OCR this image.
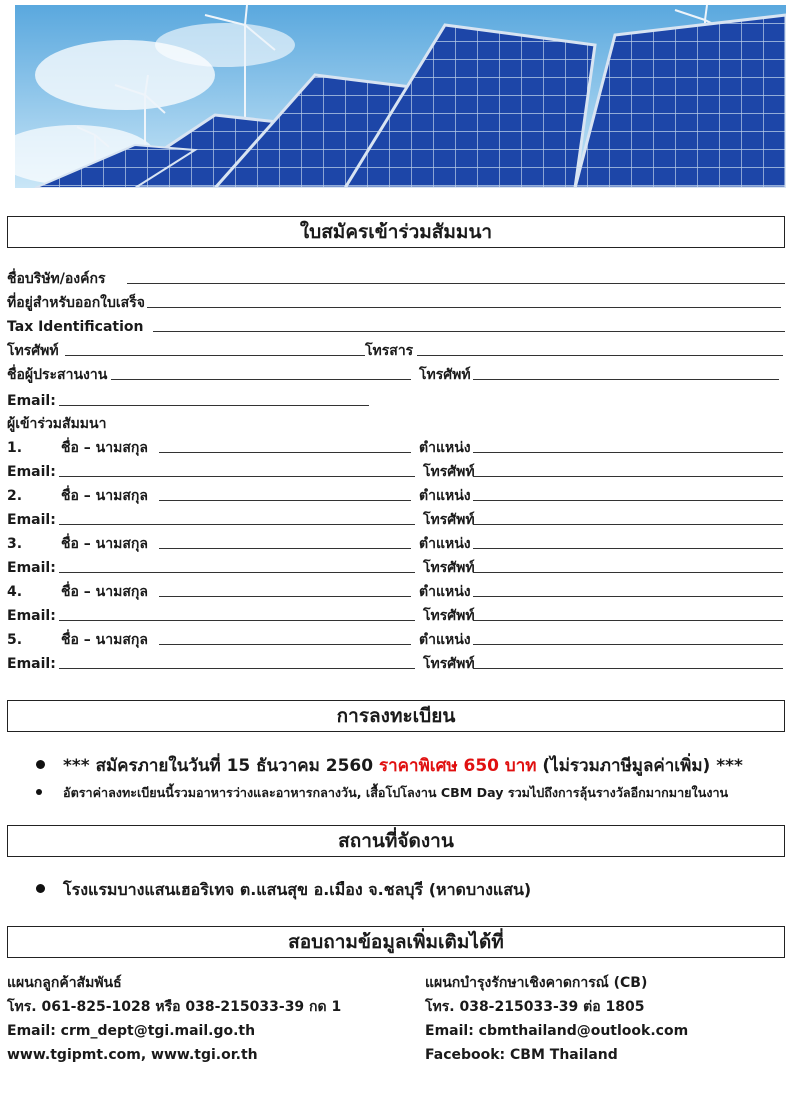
ใบสมัครเข้าร่วมสัมมนา
ชื่อบริษัท/องค์กร
ที่อยู่สำหรับออกใบเสร็จ
Tax Identification
โทรศัพท์	โทรสาร
ชื่อผู้ประสานงาน	โทรศัพท์
Email:
ผู้เข้าร่วมสัมมนา
1.	ชื่อ – นามสกุล	ตำแหน่ง
Email:	โทรศัพท์
2.	ชื่อ – นามสกุล	ตำแหน่ง
Email:	โทรศัพท์
3.	ชื่อ – นามสกุล	ตำแหน่ง
Email:	โทรศัพท์
4.	ชื่อ – นามสกุล	ตำแหน่ง
Email:	โทรศัพท์
5.	ชื่อ – นามสกุล	ตำแหน่ง
Email:	โทรศัพท์
การลงทะเบียน
*** สมัครภายในวันที่ 15 ธันวาคม 2560 ราคาพิเศษ 650 บาท (ไม่รวมภาษีมูลค่าเพิ่ม) ***
อัตราค่าลงทะเบียนนี้รวมอาหารว่างและอาหารกลางวัน, เสื้อโปโลงาน CBM Day รวมไปถึงการลุ้นรางวัลอีกมากมายในงาน
สถานที่จัดงาน
โรงแรมบางแสนเฮอริเทจ ต.แสนสุข อ.เมือง จ.ชลบุรี (หาดบางแสน)
สอบถามข้อมูลเพิ่มเติมได้ที่
แผนกลูกค้าสัมพันธ์
โทร. 061-825-1028 หรือ 038-215033-39 กด 1
Email: crm_dept@tgi.mail.go.th
www.tgipmt.com, www.tgi.or.th
แผนกบำรุงรักษาเชิงคาดการณ์ (CB)
โทร. 038-215033-39 ต่อ 1805
Email: cbmthailand@outlook.com
Facebook: CBM Thailand
